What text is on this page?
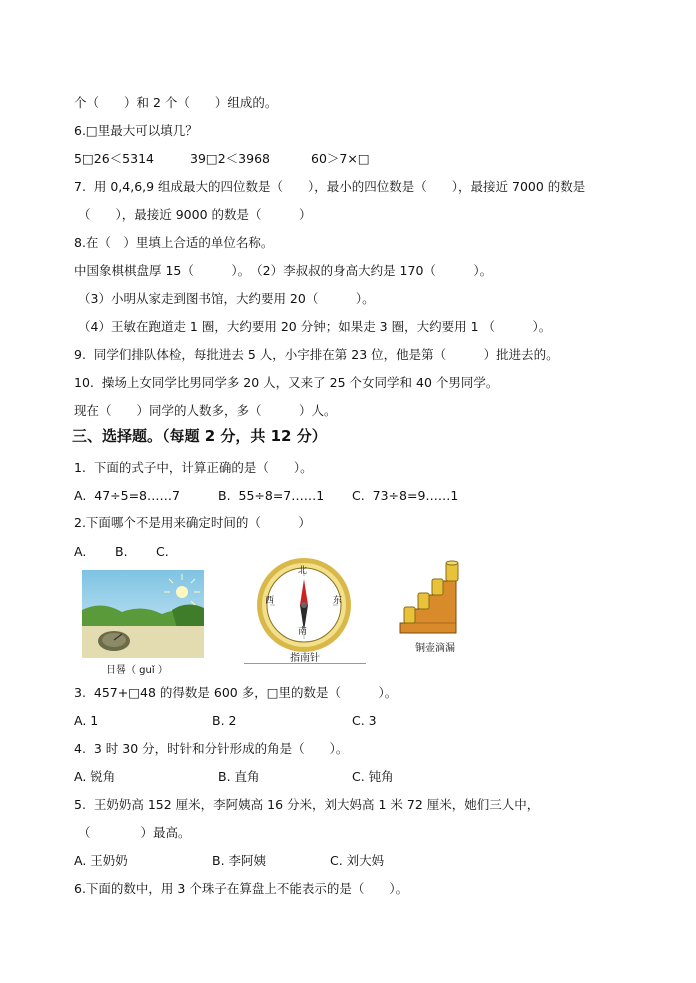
个（　　）和 2 个（　　）组成的。
6.□里最大可以填几？
5□26＜5314	39□2＜3968	60＞7×□
7.  用 0,4,6,9 组成最大的四位数是（　　），最小的四位数是（　　），最接近 7000 的数是
（　　），最接近 9000 的数是（　　　）
8.在（　）里填上合适的单位名称。
中国象棋棋盘厚 15（　　　）。　（2）李叔叔的身高大约是 170（　　　）。
（3）小明从家走到图书馆，大约要用 20（　　　）。
（4）王敏在跑道走 1 圈，大约要用 20 分钟；如果走 3 圈，大约要用 1 （　　　）。
9.  同学们排队体检，每批进去 5 人，小宇排在第 23 位，他是第（　　　）批进去的。
10.  操场上女同学比男同学多 20 人，又来了 25 个女同学和 40 个男同学。
现在（　　）同学的人数多，多（　　　）人。
三、选择题。（每题 2 分，共 12 分）
1.  下面的式子中，计算正确的是（　　）。
A.  47÷5=8……7	B.  55÷8=7……1 C.  73÷8=9……1
2.下面哪个不是用来确定时间的（　　　）
A. B. C.
日晷（ guǐ ）
北
南
东
西
指南针
铜壶滴漏
3.  457+□48 的得数是 600 多，□里的数是（　　　）。
A. 1	B. 2	C. 3
4.  3 时 30 分，时针和分针形成的角是（　　）。
A. 锐角	B. 直角	C. 钝角
5.  王奶奶高 152 厘米，李阿姨高 16 分米，刘大妈高 1 米 72 厘米，她们三人中，
（　　　　）最高。
A. 王奶奶	B. 李阿姨	C. 刘大妈
6.下面的数中，用 3 个珠子在算盘上不能表示的是（　　）。
